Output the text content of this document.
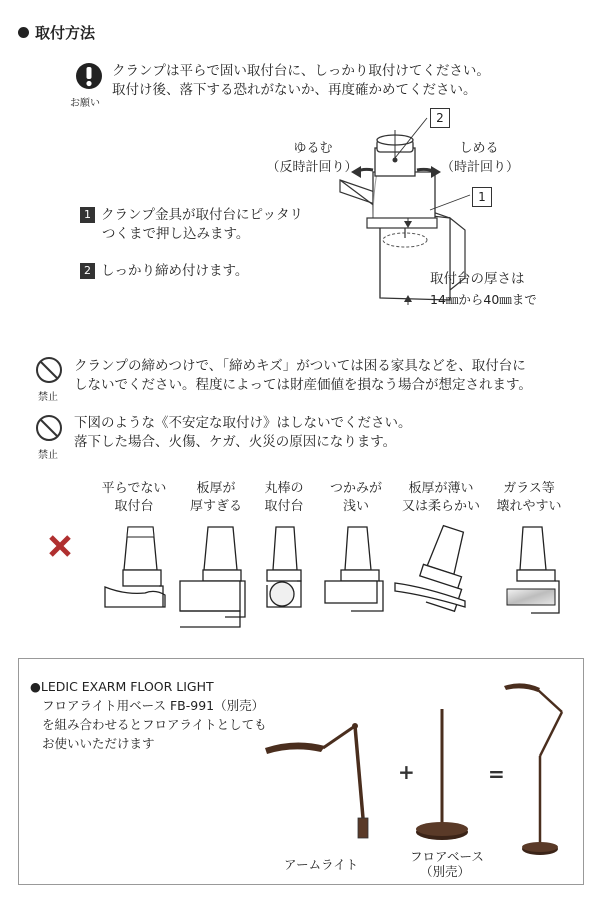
取付方法
お願い
クランプは平らで固い取付台に、しっかり取付けてください。
取付け後、落下する恐れがないか、再度確かめてください。
1 クランプ金具が取付台にピッタリ
つくまで押し込みます。
2 しっかり締め付けます。
2
1
ゆるむ
（反時計回り）
しめる
（時計回り）
取付台の厚さは
14㎜から40㎜まで
禁止
クランプの締めつけで、「締めキズ」がついては困る家具などを、取付台に
しないでください。程度によっては財産価値を損なう場合が想定されます。
禁止
下図のような《不安定な取付け》はしないでください。
落下した場合、火傷、ケガ、火災の原因になります。
平らでない
取付台
板厚が
厚すぎる
丸棒の
取付台
つかみが
浅い
板厚が薄い
又は柔らかい
ガラス等
壊れやすい
●LEDIC EXARM FLOOR LIGHT
フロアライト用ベース FB-991（別売）
を組み合わせるとフロアライトとしても
お使いいただけます
+	=
アームライト
フロアベース
（別売）
